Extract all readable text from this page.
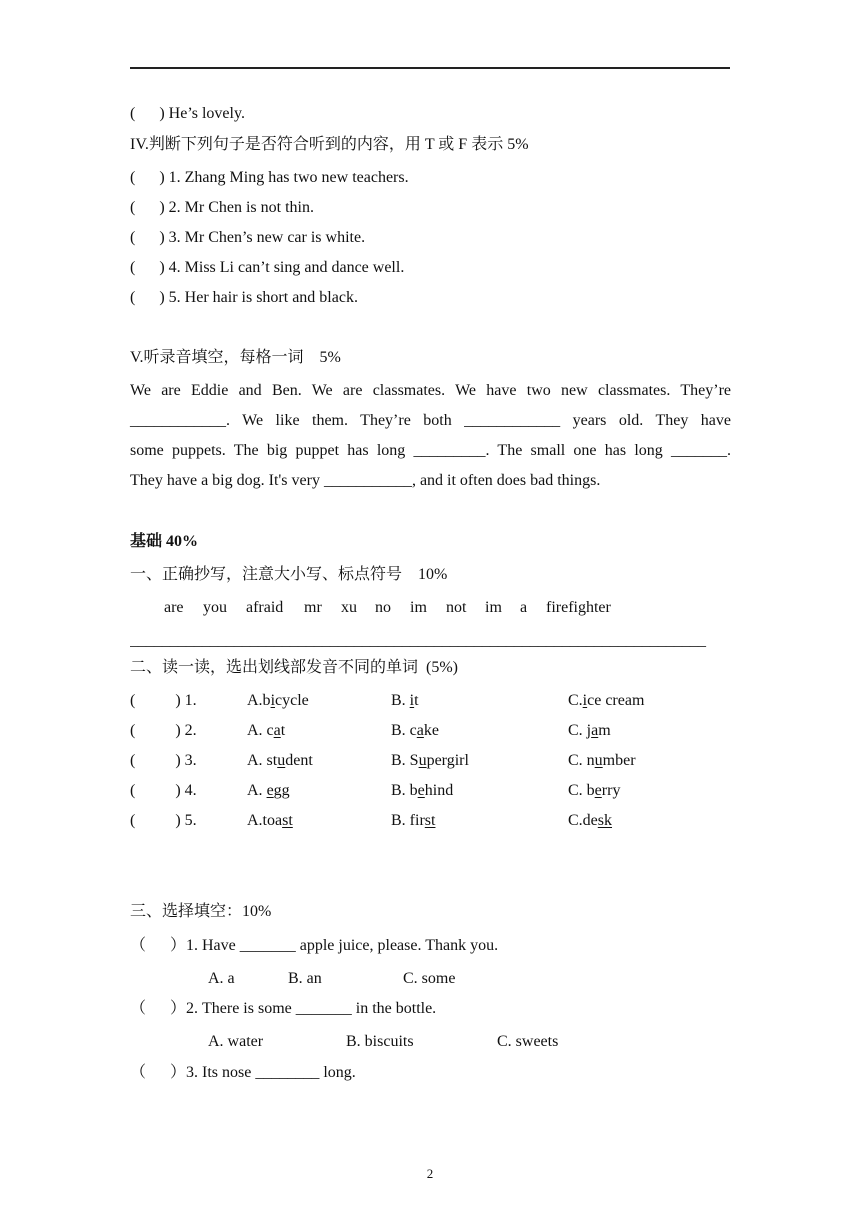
(      ) He’s lovely.
IV.判断下列句子是否符合听到的内容，用 T 或 F 表示 5%
(      ) 1. Zhang Ming has two new teachers.
(      ) 2. Mr Chen is not thin.
(      ) 3. Mr Chen’s new car is white.
(      ) 4. Miss Li can’t sing and dance well.
(      ) 5. Her hair is short and black.
V.听录音填空，每格一词    5%
We are Eddie and Ben. We are classmates. We have two new classmates. They’re
____________. We like them. They’re both ____________ years old. They have
some puppets. The big puppet has long _________. The small one has long _______.
They have a big dog. It's very ___________, and it often does bad things.
基础 40%
一、正确抄写，注意大小写、标点符号    10%
are you afraid mr xu no im not im a firefighter
________________________________________________________________________
二、读一读，选出划线部发音不同的单词  (5%)
(          ) 1.	A.bicycle	B. it	C.ice cream
(          ) 2.	A. cat	B. cake	C. jam
(          ) 3.	A. student	B. Supergirl	C. number
(          ) 4.	A. egg	B. behind	C. berry
(          ) 5.	A.toast	B. first	C.desk
三、选择填空：10%
（      ）1. Have _______ apple juice, please. Thank you.
A. a	B. an	C. some
（      ）2. There is some _______ in the bottle.
A. water	B. biscuits	C. sweets
（      ）3. Its nose ________ long.
2
